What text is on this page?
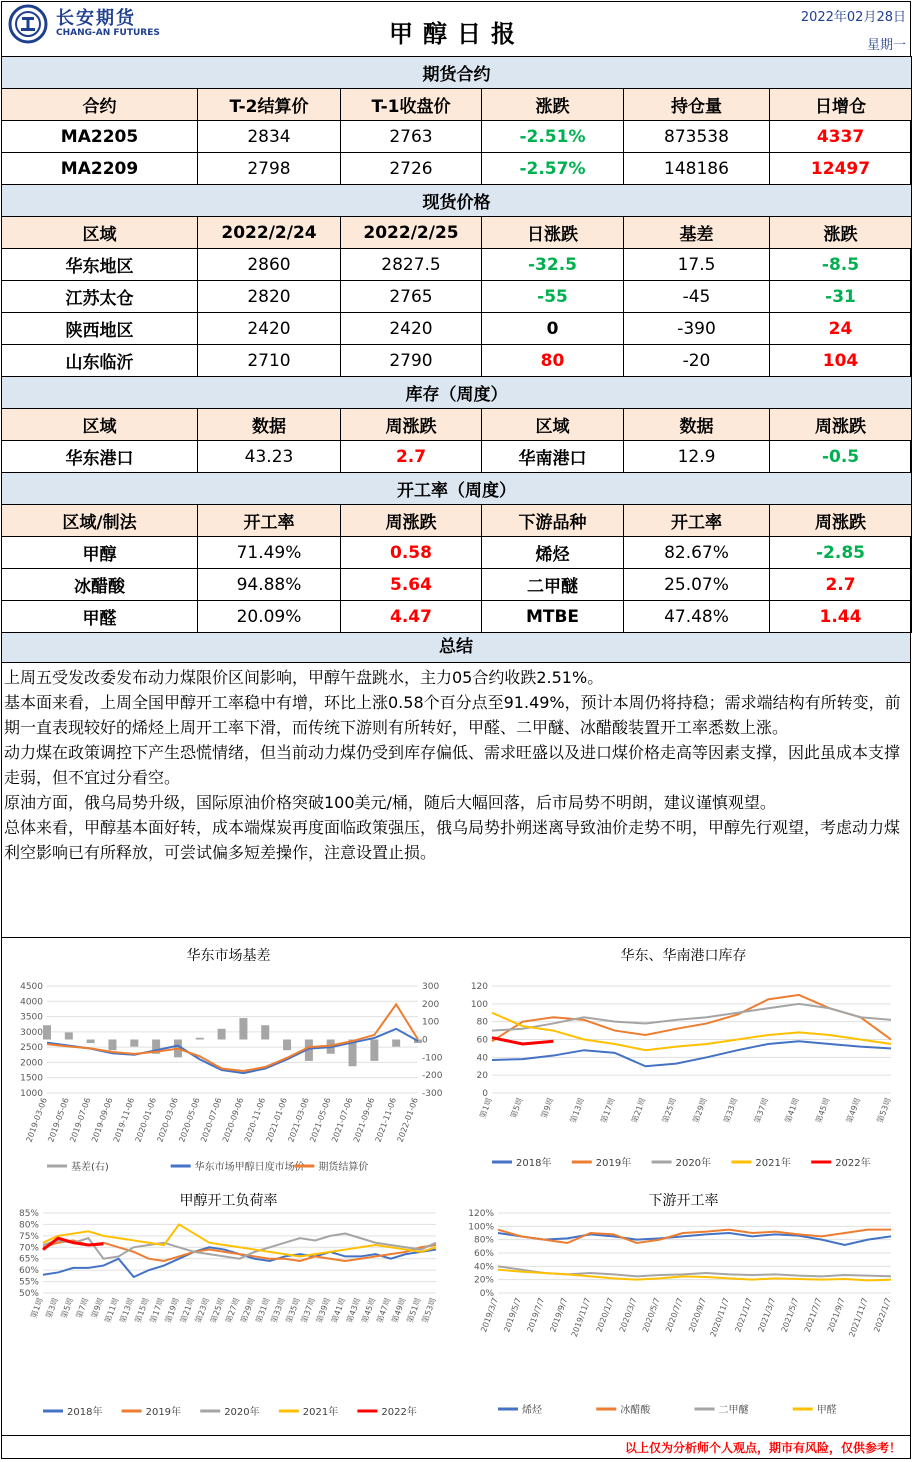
长安期货
CHANG-AN FUTURES	甲醇日报
2022年02月28日
星期一
期货合约					
合约	T-2结算价	T-1收盘价	涨跌	持仓量	日增仓
MA2205	2834	2763	-2.51%	873538	4337
MA2209	2798	2726	-2.57%	148186	12497
现货价格					
区域	2022/2/24	2022/2/25	日涨跌	基差	涨跌
华东地区	2860	2827.5	-32.5	17.5	-8.5
江苏太仓	2820	2765	-55	-45	-31
陕西地区	2420	2420	0	-390	24
山东临沂	2710	2790	80	-20	104
库存（周度）					
区域	数据	周涨跌	区域	数据	周涨跌
华东港口	43.23	2.7	华南港口	12.9	-0.5
开工率（周度）					
区域/制法	开工率	周涨跌	下游品种	开工率	周涨跌
甲醇	71.49%	0.58	烯烃	82.67%	-2.85
冰醋酸	94.88%	5.64	二甲醚	25.07%	2.7
甲醛	20.09%	4.47	MTBE	47.48%	1.44
总结

上周五受发改委发布动力煤限价区间影响，甲醇午盘跳水，主力05合约收跌2.51%。

基本面来看，上周全国甲醇开工率稳中有增，环比上涨0.58个百分点至91.49%，预计本周仍将持稳；需求端结构有所转变，前期一直表现较好的烯烃上周开工率下滑，而传统下游则有所转好，甲醛、二甲醚、冰醋酸装置开工率悉数上涨。

动力煤在政策调控下产生恐慌情绪，但当前动力煤仍受到库存偏低、需求旺盛以及进口煤价格走高等因素支撑，因此虽成本支撑走弱，但不宜过分看空。

原油方面，俄乌局势升级，国际原油价格突破100美元/桶，随后大幅回落，后市局势不明朗，建议谨慎观望。

总体来看，甲醇基本面好转，成本端煤炭再度面临政策强压，俄乌局势扑朔迷离导致油价走势不明，甲醇先行观望，考虑动力煤利空影响已有所释放，可尝试偏多短差操作，注意设置止损。

华东市场基差
4500
4000
3500
3000
2500
2000
1500
1000
300
200
100
0
-100
-200
-300
2019-03-06
2019-05-06
2019-07-06
2019-09-06
2019-11-06
2020-01-06
2020-03-06
2020-05-06
2020-07-06
2020-09-06
2020-11-06
2021-01-06
2021-03-06
2021-05-06
2021-07-06
2021-09-06
2021-11-06
2022-01-06
基差(右)	华东市场甲醇日度市场价 期货结算价
华东、华南港口库存
120
100
80
60
40
20
0
第1周 第5周 第9周 第13周 第17周 第21周 第25周 第29周 第33周 第37周 第41周 第45周 第49周 第53周
2018年	2019年	2020年	2021年	2022年
甲醇开工负荷率
85%
80%
75%
70%
65%
60%
55%
50%
第1周 第3周 第5周 第7周 第9周
第11周
第13周
第15周
第17周
第19周
第21周
第23周
第25周
第27周
第29周
第31周
第33周
第35周
第37周
第39周
第41周
第43周
第45周
第47周
第49周
第51周
第53周
2018年	2019年	2020年	2021年	2022年
下游开工率
120%
100%
80%
60%
40%
20%
0%
2019/3/7 2019/5/7 2019/7/7 2019/9/7 2019/11/7 2020/1/7 2020/3/7 2020/5/7 2020/7/7 2020/9/7 2020/11/7 2021/1/7 2021/3/7 2021/5/7 2021/7/7 2021/9/7 2021/11/7 2022/1/7
烯烃	冰醋酸	二甲醚	甲醛
以上仅为分析师个人观点，期市有风险，仅供参考！
